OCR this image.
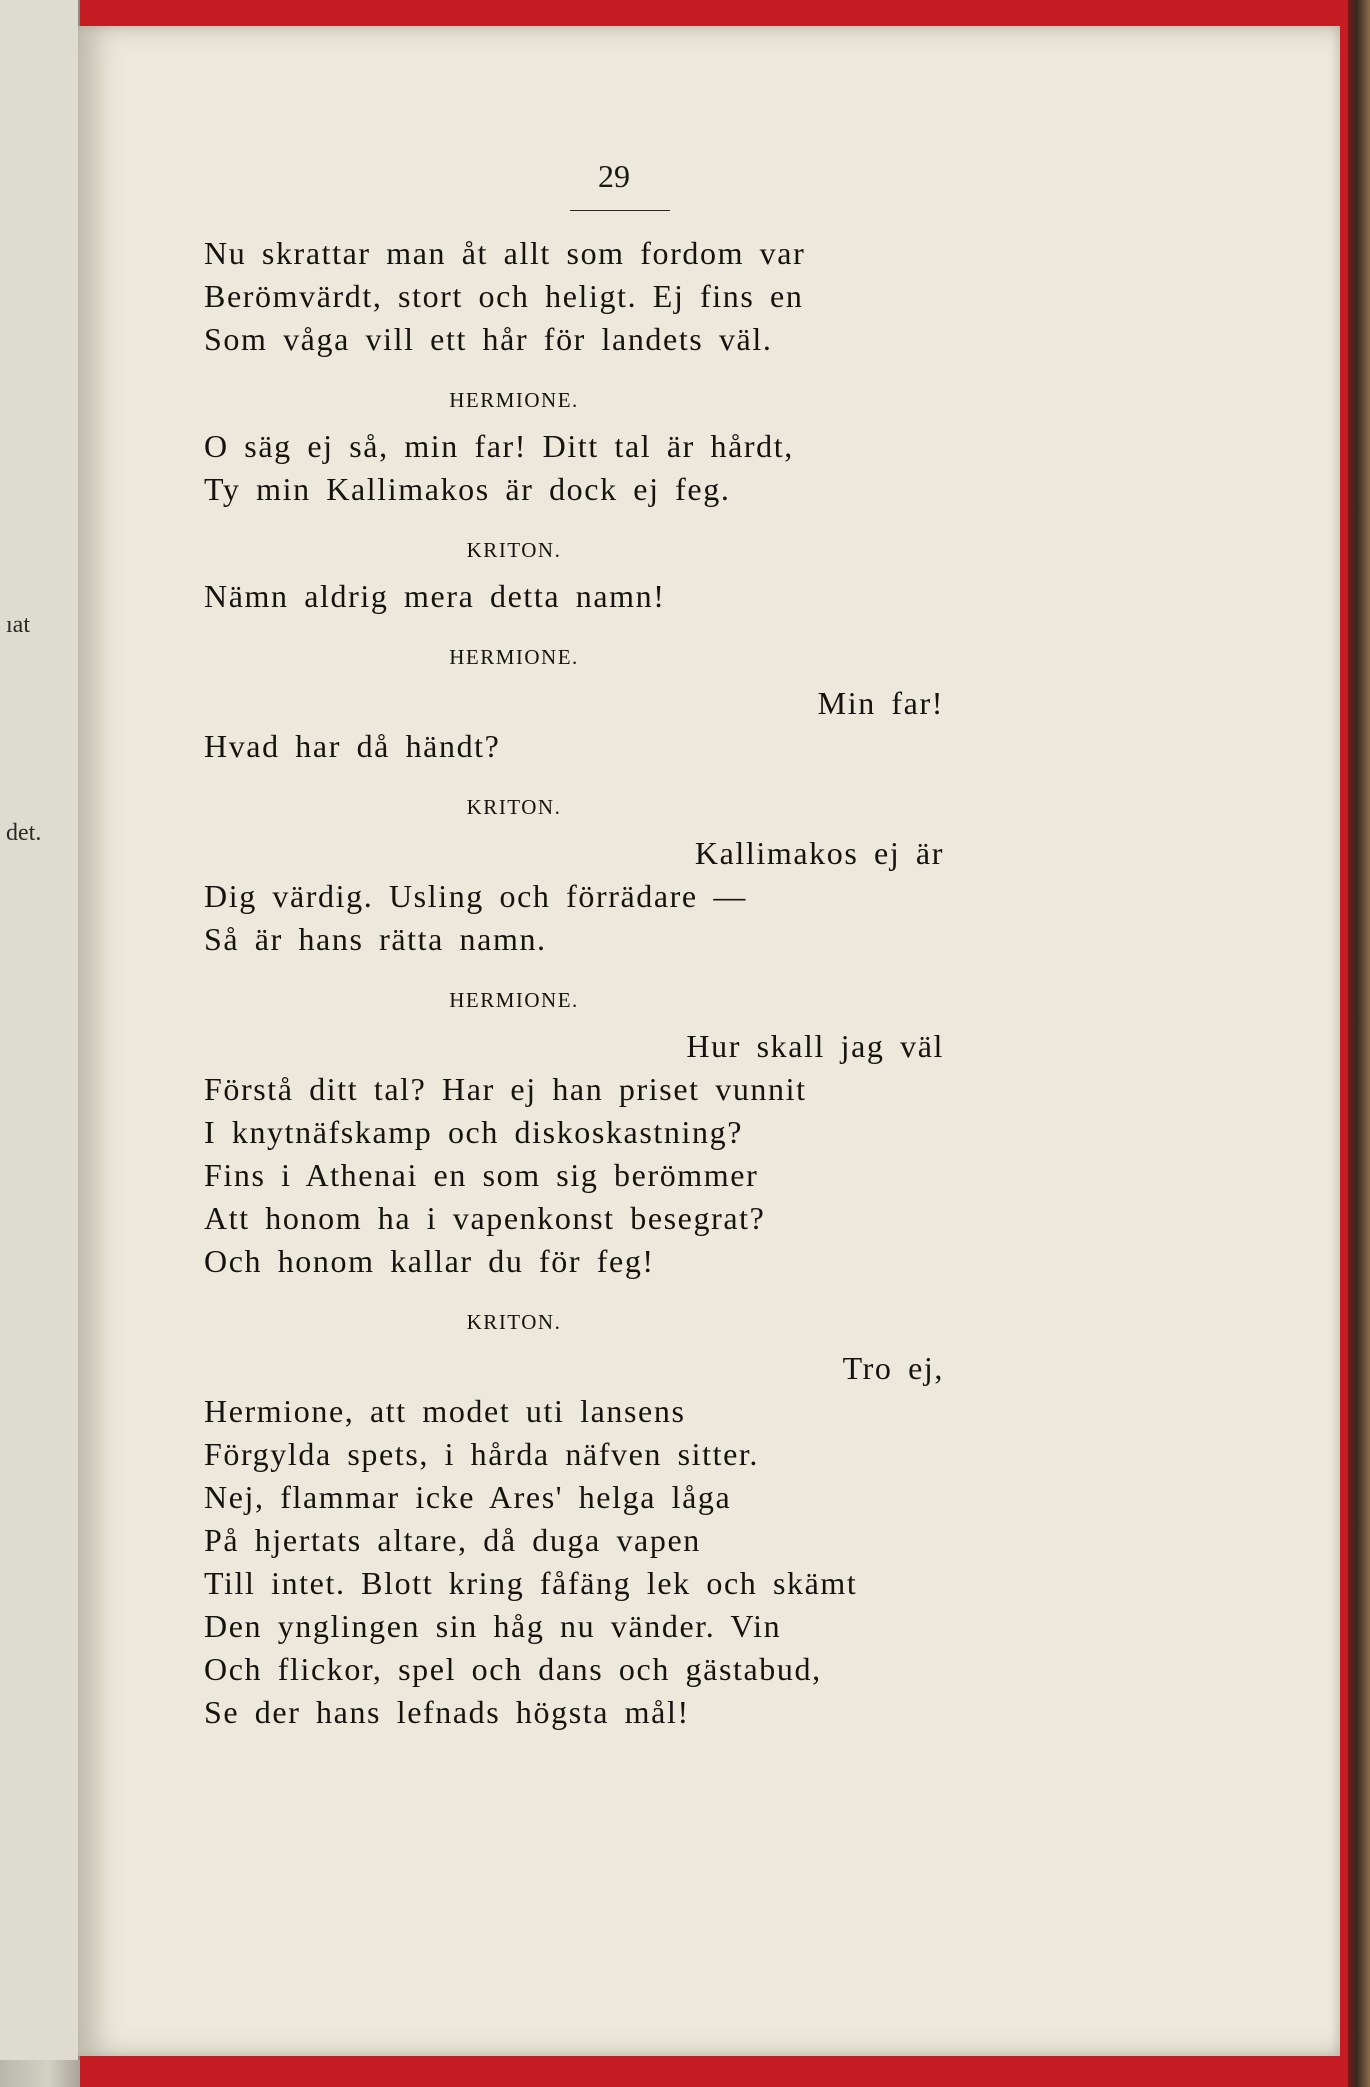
ıat
det.
29
Nu skrattar man åt allt som fordom var
Berömvärdt, stort och heligt. Ej fins en
Som våga vill ett hår för landets väl.
HERMIONE.
O säg ej så, min far! Ditt tal är hårdt,
Ty min Kallimakos är dock ej feg.
KRITON.
Nämn aldrig mera detta namn!
HERMIONE.
Min far!
Hvad har då händt?
KRITON.
Kallimakos ej är
Dig värdig. Usling och förrädare —
Så är hans rätta namn.
HERMIONE.
Hur skall jag väl
Förstå ditt tal? Har ej han priset vunnit
I knytnäfskamp och diskoskastning?
Fins i Athenai en som sig berömmer
Att honom ha i vapenkonst besegrat?
Och honom kallar du för feg!
KRITON.
Tro ej,
Hermione, att modet uti lansens
Förgylda spets, i hårda näfven sitter.
Nej, flammar icke Ares' helga låga
På hjertats altare, då duga vapen
Till intet. Blott kring fåfäng lek och skämt
Den ynglingen sin håg nu vänder. Vin
Och flickor, spel och dans och gästabud,
Se der hans lefnads högsta mål!
